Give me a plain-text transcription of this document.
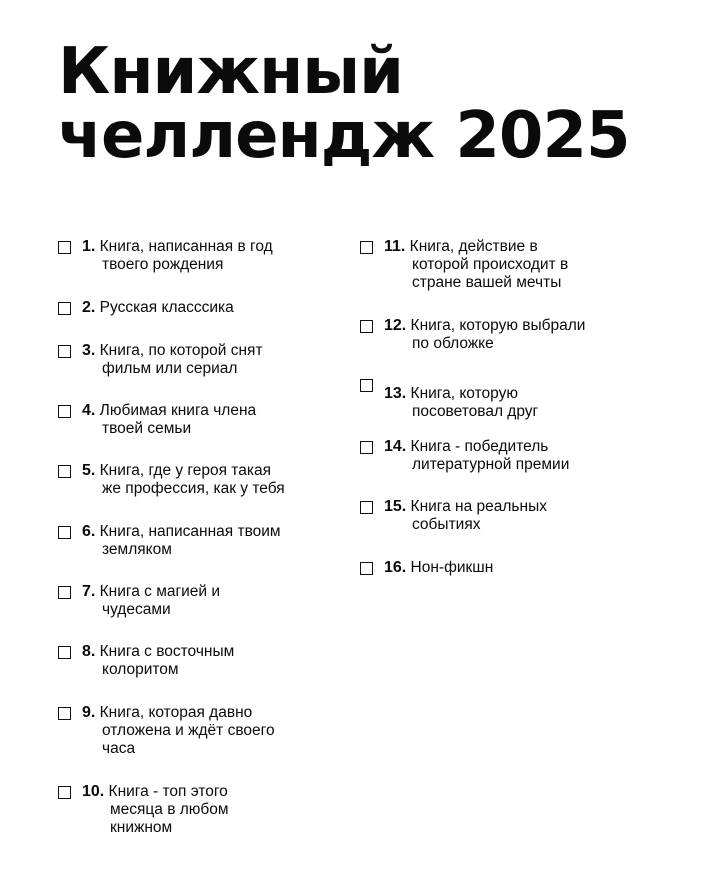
Книжный
челлендж 2025
1. Книга, написанная в год
твоего рождения
2. Русская класссика
3. Книга, по которой снят
фильм или сериал
4. Любимая книга члена
твоей семьи
5. Книга, где у героя такая
же профессия, как у тебя
6. Книга, написанная твоим
земляком
7. Книга с магией и
чудесами
8. Книга с восточным
колоритом
9. Книга, которая давно
отложена и ждёт своего
часа
10. Книга - топ этого
месяца в любом
книжном
11. Книга, действие в
которой происходит в
стране вашей мечты
12. Книга, которую выбрали
по обложке
13. Книга, которую
посоветовал друг
14. Книга - победитель
литературной премии
15. Книга на реальных
событиях
16. Нон-фикшн
